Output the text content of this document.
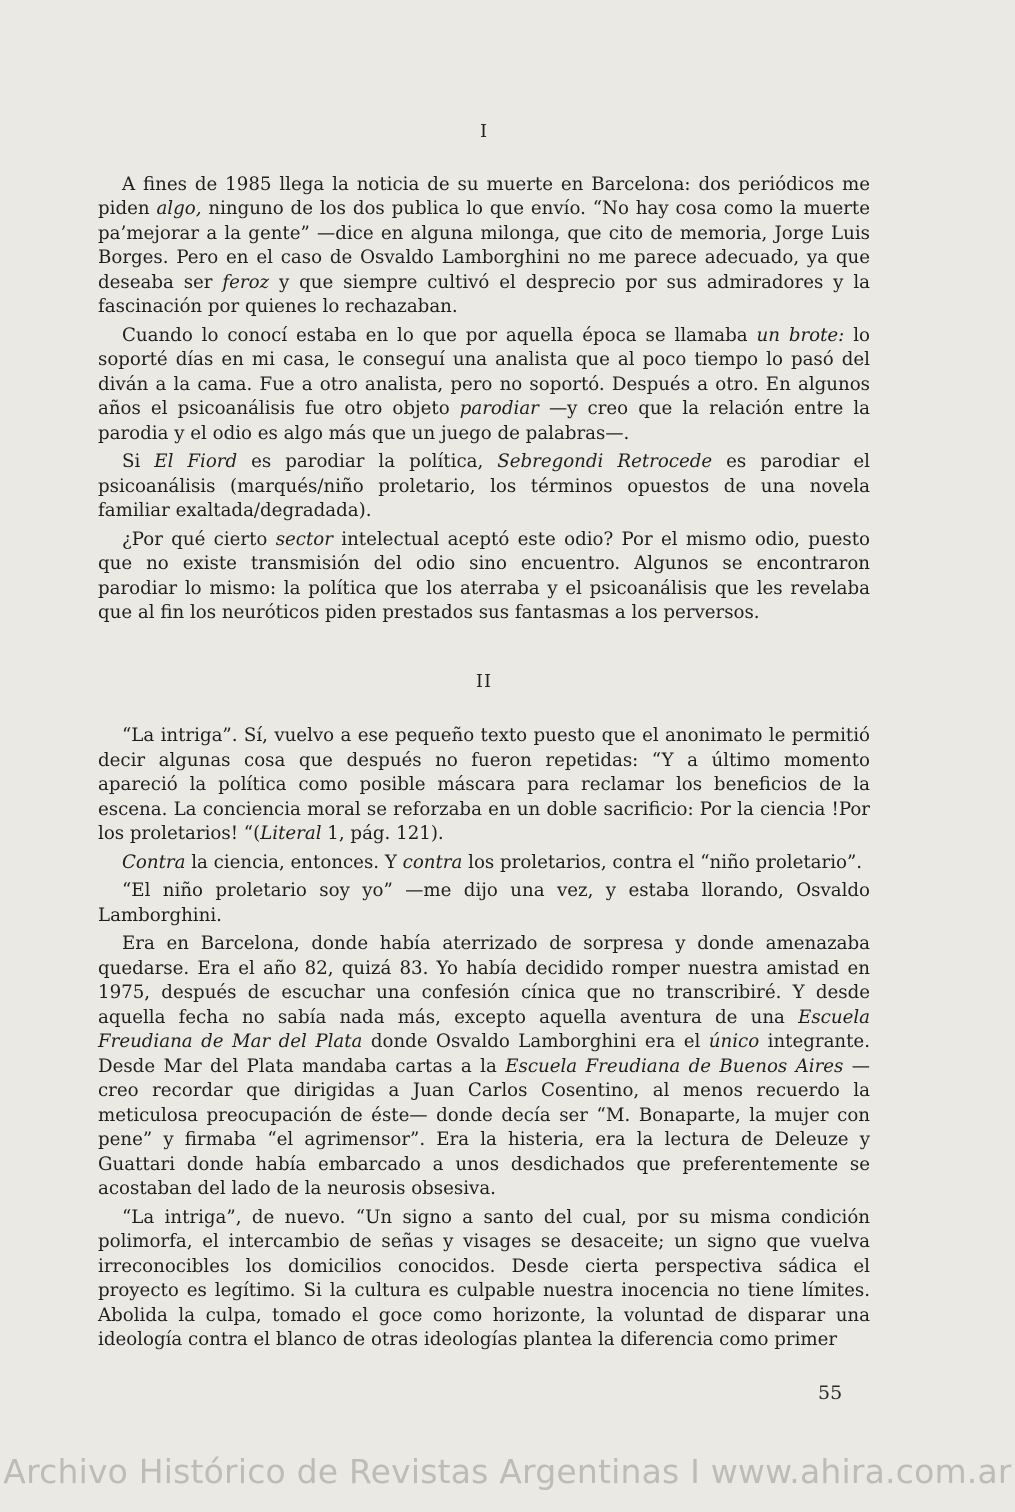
I

A fines de 1985 llega la noticia de su muerte en Barcelona: dos periódicos me piden algo, ninguno de los dos publica lo que envío. “No hay cosa como la muerte pa’mejorar a la gente” —dice en alguna milonga, que cito de memoria, Jorge Luis Borges. Pero en el caso de Osvaldo Lamborghini no me parece adecuado, ya que deseaba ser feroz y que siempre cultivó el desprecio por sus admiradores y la fascinación por quienes lo rechazaban.

Cuando lo conocí estaba en lo que por aquella época se llamaba un brote: lo soporté días en mi casa, le conseguí una analista que al poco tiempo lo pasó del diván a la cama. Fue a otro analista, pero no soportó. Después a otro. En algunos años el psicoanálisis fue otro objeto parodiar —y creo que la relación entre la parodia y el odio es algo más que un juego de palabras—.

Si El Fiord es parodiar la política, Sebregondi Retrocede es parodiar el psicoanálisis (marqués/niño proletario, los términos opuestos de una novela familiar exaltada/degradada).

¿Por qué cierto sector intelectual aceptó este odio? Por el mismo odio, puesto que no existe transmisión del odio sino encuentro. Algunos se encontraron parodiar lo mismo: la política que los aterraba y el psicoanálisis que les revelaba que al fin los neuróticos piden prestados sus fantasmas a los perversos.

II

“La intriga”. Sí, vuelvo a ese pequeño texto puesto que el anonimato le permitió decir algunas cosa que después no fueron repetidas: “Y a último momento apareció la política como posible máscara para reclamar los beneficios de la escena. La conciencia moral se reforzaba en un doble sacrificio: Por la ciencia !Por los proletarios! “(Literal 1, pág. 121).

Contra la ciencia, entonces. Y contra los proletarios, contra el “niño proletario”.

“El niño proletario soy yo” —me dijo una vez, y estaba llorando, Osvaldo Lamborghini.

Era en Barcelona, donde había aterrizado de sorpresa y donde amenazaba quedarse. Era el año 82, quizá 83. Yo había decidido romper nuestra amistad en 1975, después de escuchar una confesión cínica que no transcribiré. Y desde aquella fecha no sabía nada más, excepto aquella aventura de una Escuela Freudiana de Mar del Plata donde Osvaldo Lamborghini era el único integrante. Desde Mar del Plata mandaba cartas a la Escuela Freudiana de Buenos Aires —creo recordar que dirigidas a Juan Carlos Cosentino, al menos recuerdo la meticulosa preocupación de éste— donde decía ser “M. Bonaparte, la mujer con pene” y firmaba “el agrimensor”. Era la histeria, era la lectura de Deleuze y Guattari donde había embarcado a unos desdichados que preferentemente se acostaban del lado de la neurosis obsesiva.

“La intriga”, de nuevo. “Un signo a santo del cual, por su misma condición polimorfa, el intercambio de señas y visages se desaceite; un signo que vuelva irreconocibles los domicilios conocidos. Desde cierta perspectiva sádica el proyecto es legítimo. Si la cultura es culpable nuestra inocencia no tiene límites. Abolida la culpa, tomado el goce como horizonte, la voluntad de disparar una ideología contra el blanco de otras ideologías plantea la diferencia como primer

55
Archivo Histórico de Revistas Argentinas I www.ahira.com.ar
